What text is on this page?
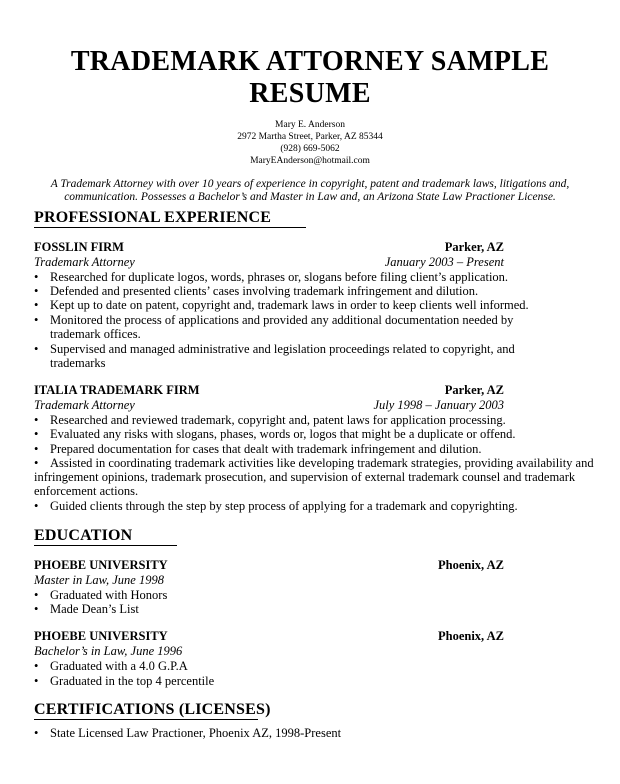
TRADEMARK ATTORNEY SAMPLE
RESUME
Mary E. Anderson
2972 Martha Street, Parker, AZ 85344
(928) 669-5062
MaryEAnderson@hotmail.com
A Trademark Attorney with over 10 years of experience in copyright, patent and trademark laws, litigations and,
communication. Possesses a Bachelor’s and Master in Law and, an Arizona State Law Practioner License.
PROFESSIONAL EXPERIENCE
FOSSLIN FIRM	Parker, AZ
Trademark Attorney	January 2003 – Present
• Researched for duplicate logos, words, phrases or, slogans before filing client’s application.
• Defended and presented clients’ cases involving trademark infringement and dilution.
• Kept up to date on patent, copyright and, trademark laws in order to keep clients well informed.
• Monitored the process of applications and provided any additional documentation needed by
trademark offices.
• Supervised and managed administrative and legislation proceedings related to copyright, and
trademarks
ITALIA TRADEMARK FIRM	Parker, AZ
Trademark Attorney	July 1998 – January 2003
• Researched and reviewed trademark, copyright and, patent laws for application processing.
• Evaluated any risks with slogans, phases, words or, logos that might be a duplicate or offend.
• Prepared documentation for cases that dealt with trademark infringement and dilution.
• Assisted in coordinating trademark activities like developing trademark strategies, providing availability and
infringement opinions, trademark prosecution, and supervision of external trademark counsel and trademark
enforcement actions.
• Guided clients through the step by step process of applying for a trademark and copyrighting.
EDUCATION
PHOEBE UNIVERSITY	Phoenix, AZ
Master in Law, June 1998
• Graduated with Honors
• Made Dean’s List
PHOEBE UNIVERSITY	Phoenix, AZ
Bachelor’s in Law, June 1996
• Graduated with a 4.0 G.P.A
• Graduated in the top 4 percentile
CERTIFICATIONS (LICENSES)
• State Licensed Law Practioner, Phoenix AZ, 1998-Present
